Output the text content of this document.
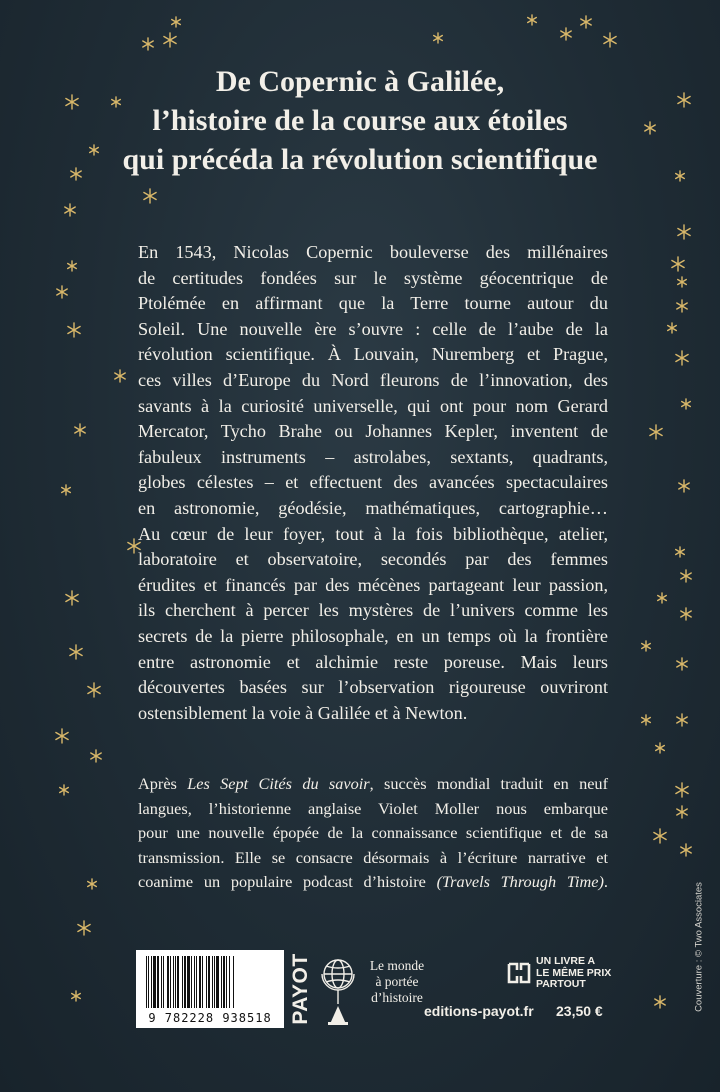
De Copernic à Galilée,
l’histoire de la course aux étoiles
qui précéda la révolution scientifique

En 1543, Nicolas Copernic bouleverse des millénaires
de certitudes fondées sur le système géocentrique de
Ptolémée en affirmant que la Terre tourne autour du
Soleil. Une nouvelle ère s’ouvre : celle de l’aube de la
révolution scientifique. À Louvain, Nuremberg et Prague,
ces villes d’Europe du Nord fleurons de l’innovation, des
savants à la curiosité universelle, qui ont pour nom Gerard
Mercator, Tycho Brahe ou Johannes Kepler, inventent de
fabuleux instruments – astrolabes, sextants, quadrants,
globes célestes – et effectuent des avancées spectaculaires
en astronomie, géodésie, mathématiques, cartographie…
Au cœur de leur foyer, tout à la fois bibliothèque, atelier,
laboratoire et observatoire, secondés par des femmes
érudites et financés par des mécènes partageant leur passion,
ils cherchent à percer les mystères de l’univers comme les
secrets de la pierre philosophale, en un temps où la frontière
entre astronomie et alchimie reste poreuse. Mais leurs
découvertes basées sur l’observation rigoureuse ouvriront
ostensiblement la voie à Galilée et à Newton.

Après Les Sept Cités du savoir, succès mondial traduit en neuf
langues, l’historienne anglaise Violet Moller nous embarque
pour une nouvelle épopée de la connaissance scientifique et de sa
transmission. Elle se consacre désormais à l’écriture narrative et
coanime un populaire podcast d’histoire (Travels Through Time).

9 782228 938518 PAYOT	Le monde
à portée
d’histoire
UN LIVRE A
LE MÊME PRIX
PARTOUT
editions-payot.fr 23,50 €	Couverture : © Two Associates
